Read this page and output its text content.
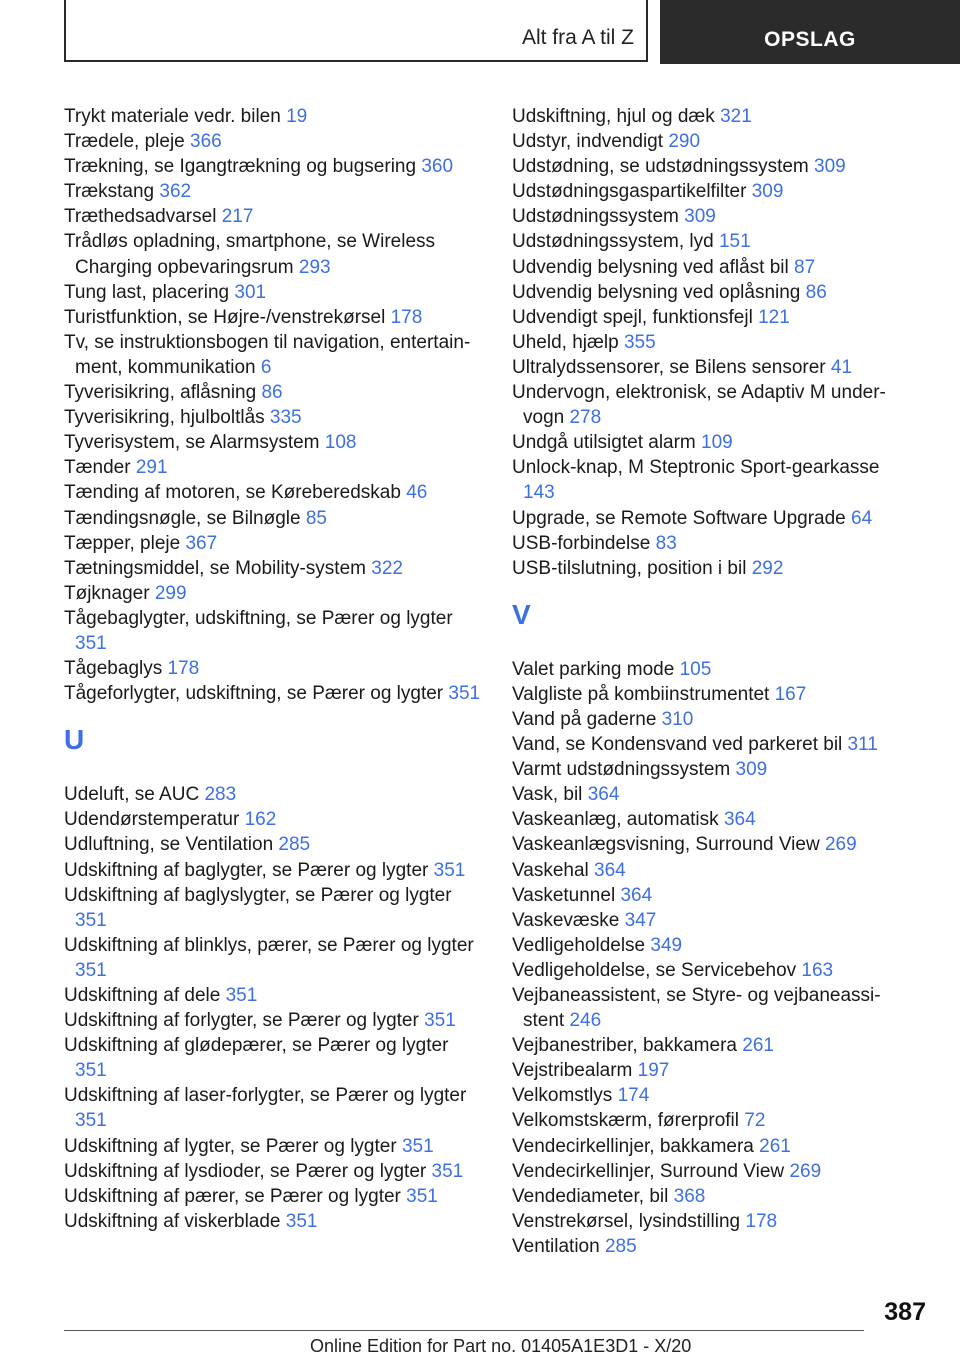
Alt fra A til Z	OPSLAG

Trykt materiale vedr. bilen 19

Trædele, pleje 366

Trækning, se Igangtrækning og bugsering 360

Trækstang 362

Træthedsadvarsel 217

Trådløs opladning, smartphone, se Wireless Charging opbevaringsrum 293

Tung last, placering 301

Turistfunktion, se Højre-/venstrekørsel 178

Tv, se instruktionsbogen til navigation, entertainment, kommunikation 6

Tyverisikring, aflåsning 86

Tyverisikring, hjulboltlås 335

Tyverisystem, se Alarmsystem 108

Tænder 291

Tænding af motoren, se Køreberedskab 46

Tændingsnøgle, se Bilnøgle 85

Tæpper, pleje 367

Tætningsmiddel, se Mobility-system 322

Tøjknager 299

Tågebaglygter, udskiftning, se Pærer og lygter 351

Tågebaglys 178

Tågeforlygter, udskiftning, se Pærer og lygter 351

U

Udeluft, se AUC 283

Udendørstemperatur 162

Udluftning, se Ventilation 285

Udskiftning af baglygter, se Pærer og lygter 351

Udskiftning af baglyslygter, se Pærer og lygter 351

Udskiftning af blinklys, pærer, se Pærer og lygter 351

Udskiftning af dele 351

Udskiftning af forlygter, se Pærer og lygter 351

Udskiftning af glødepærer, se Pærer og lygter 351

Udskiftning af laser-forlygter, se Pærer og lygter 351

Udskiftning af lygter, se Pærer og lygter 351

Udskiftning af lysdioder, se Pærer og lygter 351

Udskiftning af pærer, se Pærer og lygter 351

Udskiftning af viskerblade 351

Udskiftning, hjul og dæk 321

Udstyr, indvendigt 290

Udstødning, se udstødningssystem 309

Udstødningsgaspartikelfilter 309

Udstødningssystem 309

Udstødningssystem, lyd 151

Udvendig belysning ved aflåst bil 87

Udvendig belysning ved oplåsning 86

Udvendigt spejl, funktionsfejl 121

Uheld, hjælp 355

Ultralydssensorer, se Bilens sensorer 41

Undervogn, elektronisk, se Adaptiv M undervogn 278

Undgå utilsigtet alarm 109

Unlock-knap, M Steptronic Sport-gearkasse 143

Upgrade, se Remote Software Upgrade 64

USB-forbindelse 83

USB-tilslutning, position i bil 292

V

Valet parking mode 105

Valgliste på kombiinstrumentet 167

Vand på gaderne 310

Vand, se Kondensvand ved parkeret bil 311

Varmt udstødningssystem 309

Vask, bil 364

Vaskeanlæg, automatisk 364

Vaskeanlægsvisning, Surround View 269

Vaskehal 364

Vasketunnel 364

Vaskevæske 347

Vedligeholdelse 349

Vedligeholdelse, se Servicebehov 163

Vejbaneassistent, se Styre- og vejbaneassistent 246

Vejbanestriber, bakkamera 261

Vejstribealarm 197

Velkomstlys 174

Velkomstskærm, førerprofil 72

Vendecirkellinjer, bakkamera 261

Vendecirkellinjer, Surround View 269

Vendediameter, bil 368

Venstrekørsel, lysindstilling 178

Ventilation 285

387
Online Edition for Part no. 01405A1E3D1 - X/20
